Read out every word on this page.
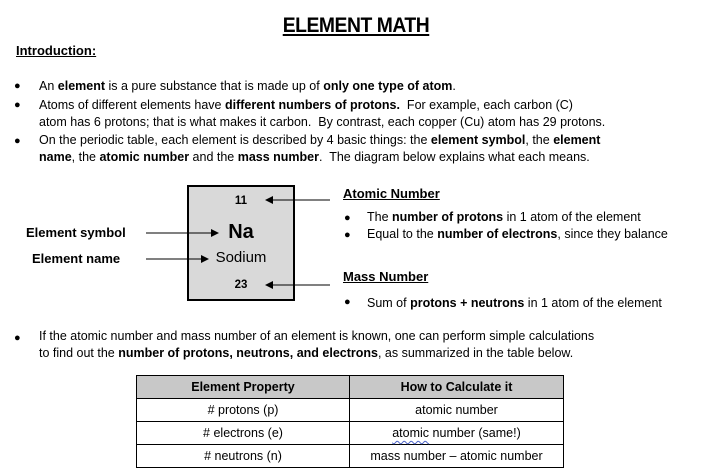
ELEMENT MATH
Introduction:
● An element is a pure substance that is made up of only one type of atom.
● Atoms of different elements have different numbers of protons.  For example, each carbon (C)
atom has 6 protons; that is what makes it carbon.  By contrast, each copper (Cu) atom has 29 protons.
● On the periodic table, each element is described by 4 basic things: the element symbol, the element
name, the atomic number and the mass number.  The diagram below explains what each means.
11
Na
Sodium
23
Element symbol
Element name
Atomic Number
● The number of protons in 1 atom of the element
● Equal to the number of electrons, since they balance
Mass Number
● Sum of protons + neutrons in 1 atom of the element
● If the atomic number and mass number of an element is known, one can perform simple calculations
to find out the number of protons, neutrons, and electrons, as summarized in the table below.
Element Property	How to Calculate it
# protons (p)	atomic number
# electrons (e)	atomic number (same!)
# neutrons (n)	mass number – atomic number
